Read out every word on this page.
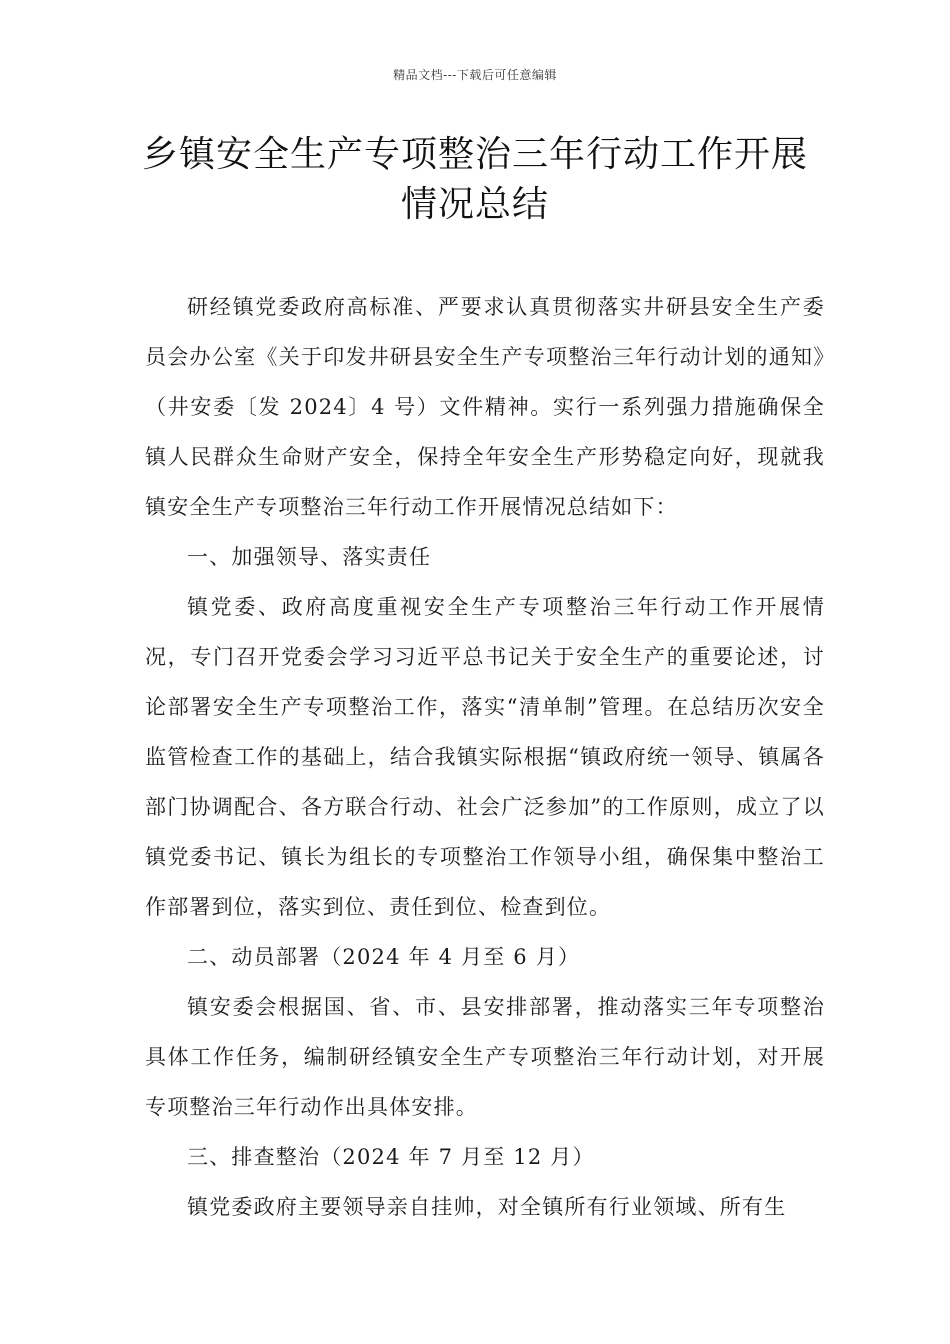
精品文档---下载后可任意编辑
乡镇安全生产专项整治三年行动工作开展情况总结

研经镇党委政府高标准、严要求认真贯彻落实井研县安全生产委员会办公室《关于印发井研县安全生产专项整治三年行动计划的通知》（井安委〔发 2024〕4 号）文件精神。实行一系列强力措施确保全镇人民群众生命财产安全，保持全年安全生产形势稳定向好，现就我镇安全生产专项整治三年行动工作开展情况总结如下：

一、加强领导、落实责任

镇党委、政府高度重视安全生产专项整治三年行动工作开展情况，专门召开党委会学习习近平总书记关于安全生产的重要论述，讨论部署安全生产专项整治工作，落实“清单制”管理。在总结历次安全监管检查工作的基础上，结合我镇实际根据“镇政府统一领导、镇属各部门协调配合、各方联合行动、社会广泛参加”的工作原则，成立了以镇党委书记、镇长为组长的专项整治工作领导小组，确保集中整治工作部署到位，落实到位、责任到位、检查到位。

二、动员部署（2024 年 4 月至 6 月）

镇安委会根据国、省、市、县安排部署，推动落实三年专项整治具体工作任务，编制研经镇安全生产专项整治三年行动计划，对开展专项整治三年行动作出具体安排。

三、排查整治（2024 年 7 月至 12 月）

镇党委政府主要领导亲自挂帅，对全镇所有行业领域、所有生
